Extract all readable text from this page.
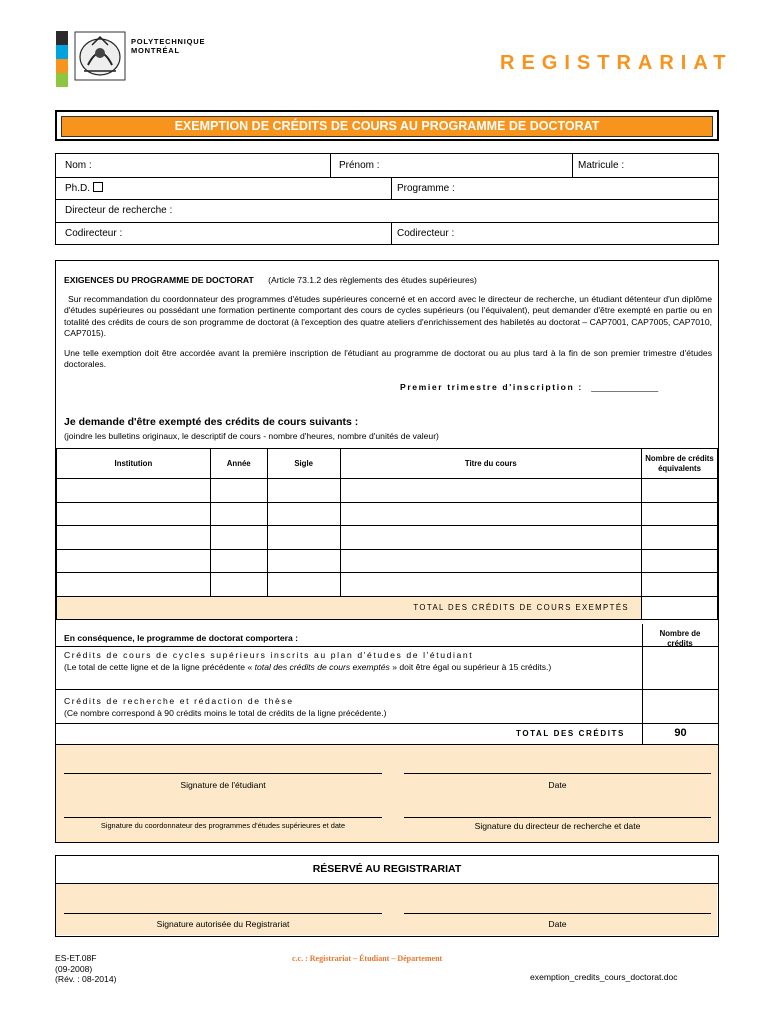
POLYTECHNIQUE
MONTRÉAL
REGISTRARIAT
EXEMPTION DE CRÉDITS DE COURS AU PROGRAMME DE DOCTORAT
Nom :	Prénom :	Matricule :
Ph.D.	Programme :
Directeur de recherche :
Codirecteur :	Codirecteur :
EXIGENCES DU PROGRAMME DE DOCTORAT (Article 73.1.2 des règlements des études supérieures)
Sur recommandation du coordonnateur des programmes d'études supérieures concerné et en accord avec le directeur de recherche, un étudiant détenteur d'un diplôme d'études supérieures ou possédant une formation pertinente comportant des cours de cycles supérieurs (ou l'équivalent), peut demander d'être exempté en partie ou en totalité des crédits de cours de son programme de doctorat (à l'exception des quatre ateliers d'enrichissement des habiletés au doctorat – CAP7001, CAP7005, CAP7010, CAP7015).
Une telle exemption doit être accordée avant la première inscription de l'étudiant au programme de doctorat ou au plus tard à la fin de son premier trimestre d'études doctorales.
Premier trimestre d'inscription : ______________
Je demande d'être exempté des crédits de cours suivants :
(joindre les bulletins originaux, le descriptif de cours - nombre d'heures, nombre d'unités de valeur)
Institution	Année	Sigle	Titre du cours	Nombre de crédits équivalents

TOTAL DES CRÉDITS DE COURS EXEMPTÉS				
En conséquence, le programme de doctorat comportera :	Nombre de crédits
Crédits de cours de cycles supérieurs inscrits au plan d'études de l'étudiant
(Le total de cette ligne et de la ligne précédente « total des crédits de cours exemptés » doit être égal ou supérieur à 15 crédits.)
Crédits de recherche et rédaction de thèse
(Ce nombre correspond à 90 crédits moins le total de crédits de la ligne précédente.)
TOTAL DES CRÉDITS	90
Signature de l'étudiant	Date
Signature du coordonnateur des programmes d'études supérieures et date	Signature du directeur de recherche et date
RÉSERVÉ AU REGISTRARIAT
Signature autorisée du Registrariat	Date
ES-ET.08F
(09-2008)
(Rév. : 08-2014)
c.c. : Registrariat – Étudiant – Département
exemption_credits_cours_doctorat.doc
